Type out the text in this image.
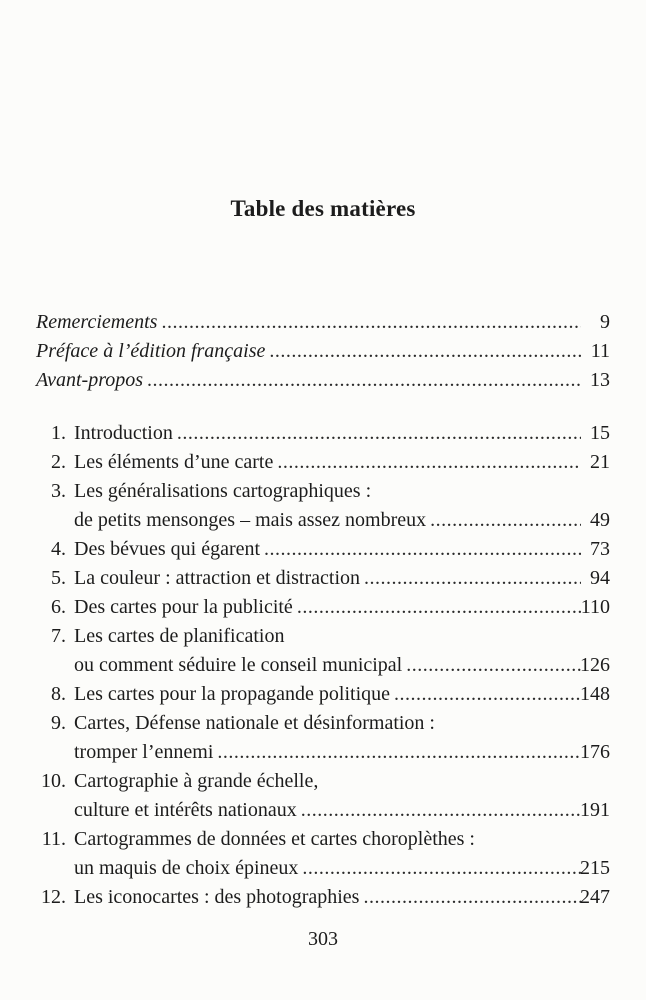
Table des matières
Remerciements .....	9
Préface à l’édition française .....	11
Avant-propos .....	13
1. Introduction .....	15
2. Les éléments d’une carte .....	21
3. Les généralisations cartographiques :
de petits mensonges – mais assez nombreux .....	49
4. Des bévues qui égarent .....	73
5. La couleur : attraction et distraction .....	94
6. Des cartes pour la publicité .....	110
7. Les cartes de planification
ou comment séduire le conseil municipal .....	126
8. Les cartes pour la propagande politique .....	148
9. Cartes, Défense nationale et désinformation :
tromper l’ennemi .....	176
10. Cartographie à grande échelle,
culture et intérêts nationaux .....	191
11. Cartogrammes de données et cartes choroplèthes :
un maquis de choix épineux .....	215
12. Les iconocartes : des photographies .....	247
303
